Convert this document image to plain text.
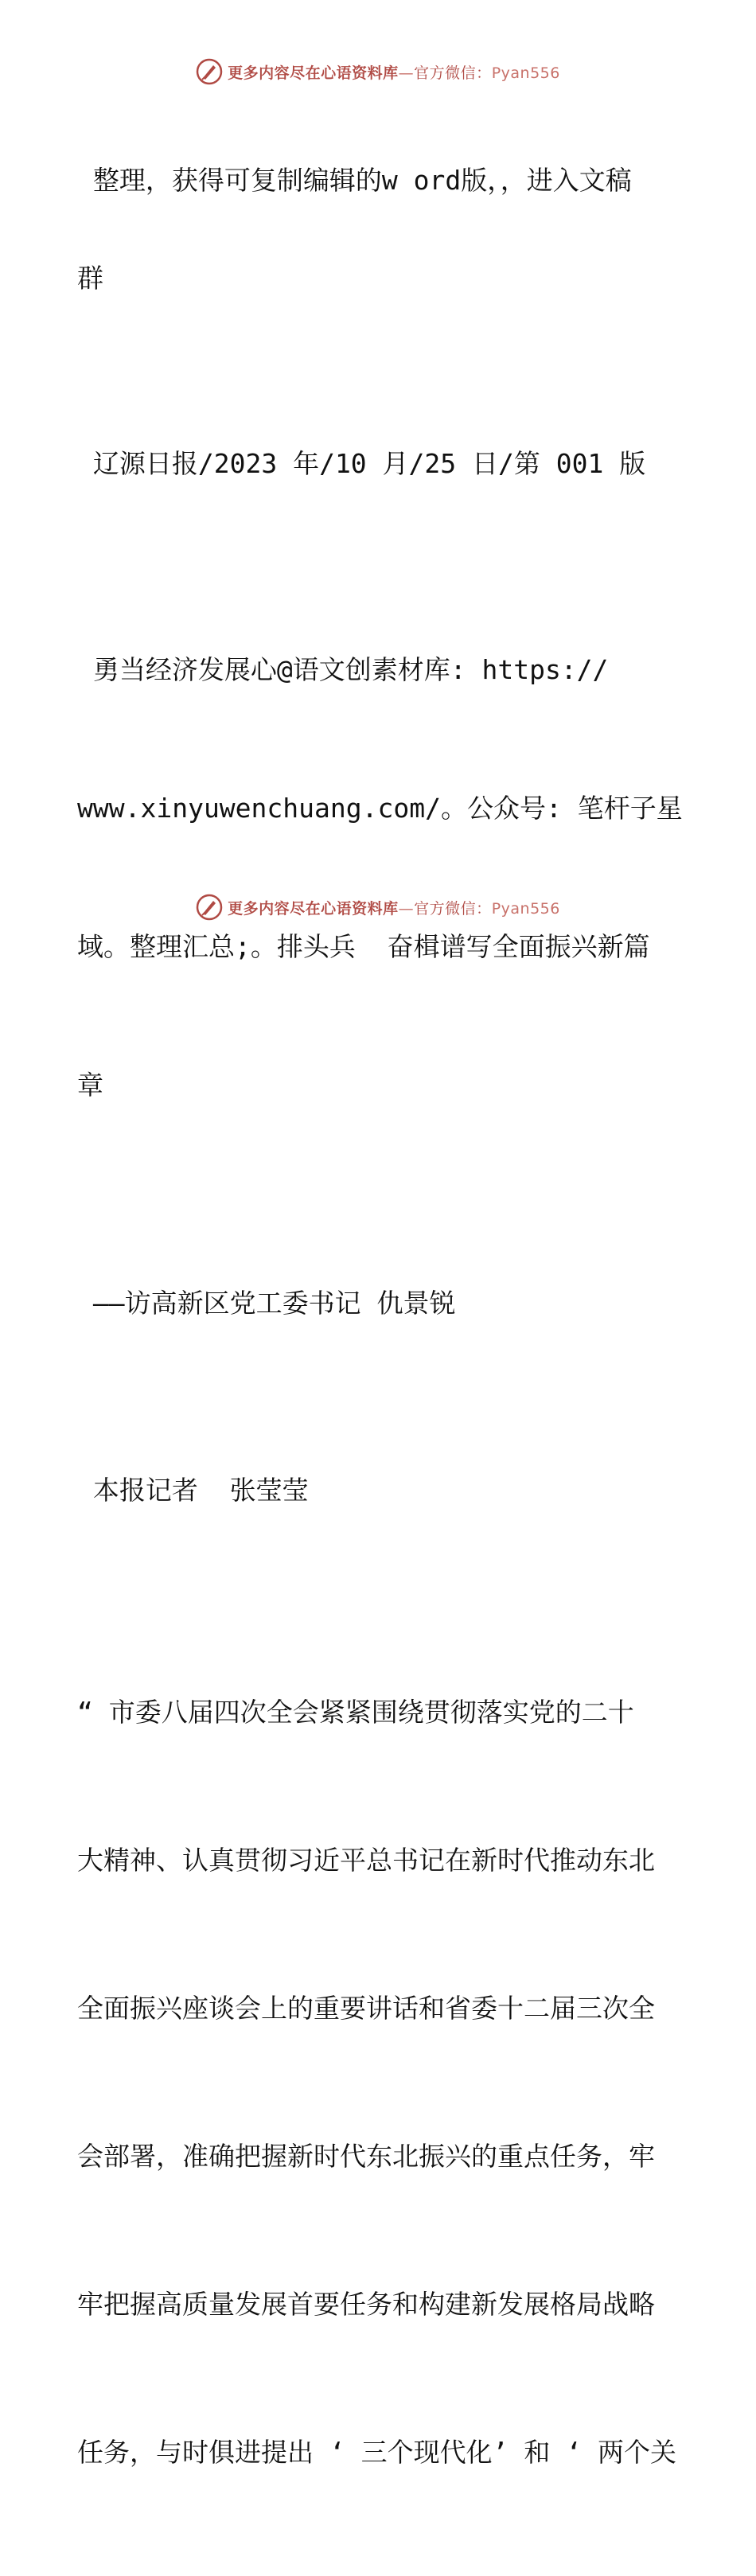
更多内容尽在心语资料库—官方微信：Pyan556

整理，获得可复制编辑的w ord版，，进入文稿

群

辽源日报/2023 年/10 月/25 日/第 001 版

勇当经济发展心@语文创素材库: https://

www.xinyuwenchuang.com/。公众号: 笔杆子星

域。整理汇总;。排头兵  奋楫谱写全面振兴新篇

章

——访高新区党工委书记 仇景锐

本报记者  张莹莹

“ 市委八届四次全会紧紧围绕贯彻落实党的二十

大精神、认真贯彻习近平总书记在新时代推动东北

全面振兴座谈会上的重要讲话和省委十二届三次全

会部署，准确把握新时代东北振兴的重点任务，牢

牢把握高质量发展首要任务和构建新发展格局战略

任务，与时俱进提出 ‘ 三个现代化’ 和 ‘ 两个关

更多内容尽在心语资料库—官方微信：Pyan556
